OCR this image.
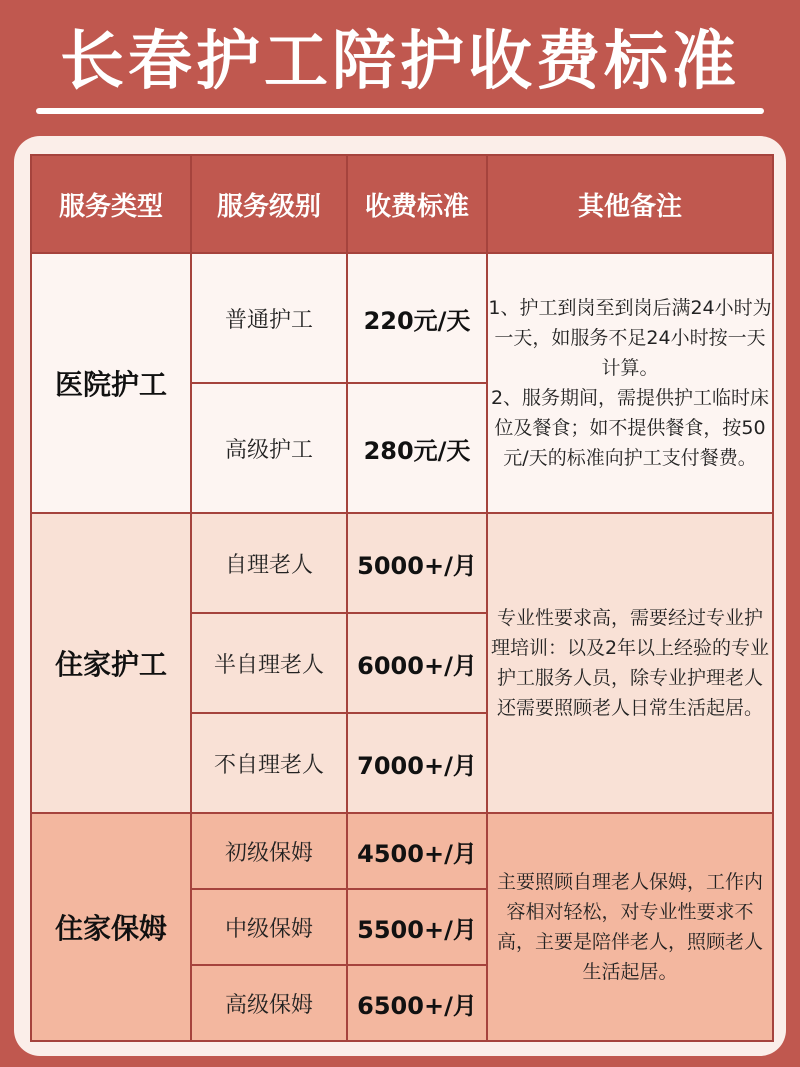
长春护工陪护收费标准
服务类型	服务级别	收费标准	其他备注
医院护工	普通护工	220元/天	1、护工到岗至到岗后满24小时为一天，如服务不足24小时按一天计算。
2、服务期间，需提供护工临时床位及餐食；如不提供餐食，按50元/天的标准向护工支付餐费。
	高级护工	280元/天	
住家护工	自理老人	5000+/月	专业性要求高，需要经过专业护理培训：以及2年以上经验的专业护工服务人员，除专业护理老人还需要照顾老人日常生活起居。
	半自理老人	6000+/月	
	不自理老人	7000+/月	
住家保姆	初级保姆	4500+/月	主要照顾自理老人保姆，工作内容相对轻松，对专业性要求不高，主要是陪伴老人，照顾老人生活起居。
	中级保姆	5500+/月	
	高级保姆	6500+/月	
